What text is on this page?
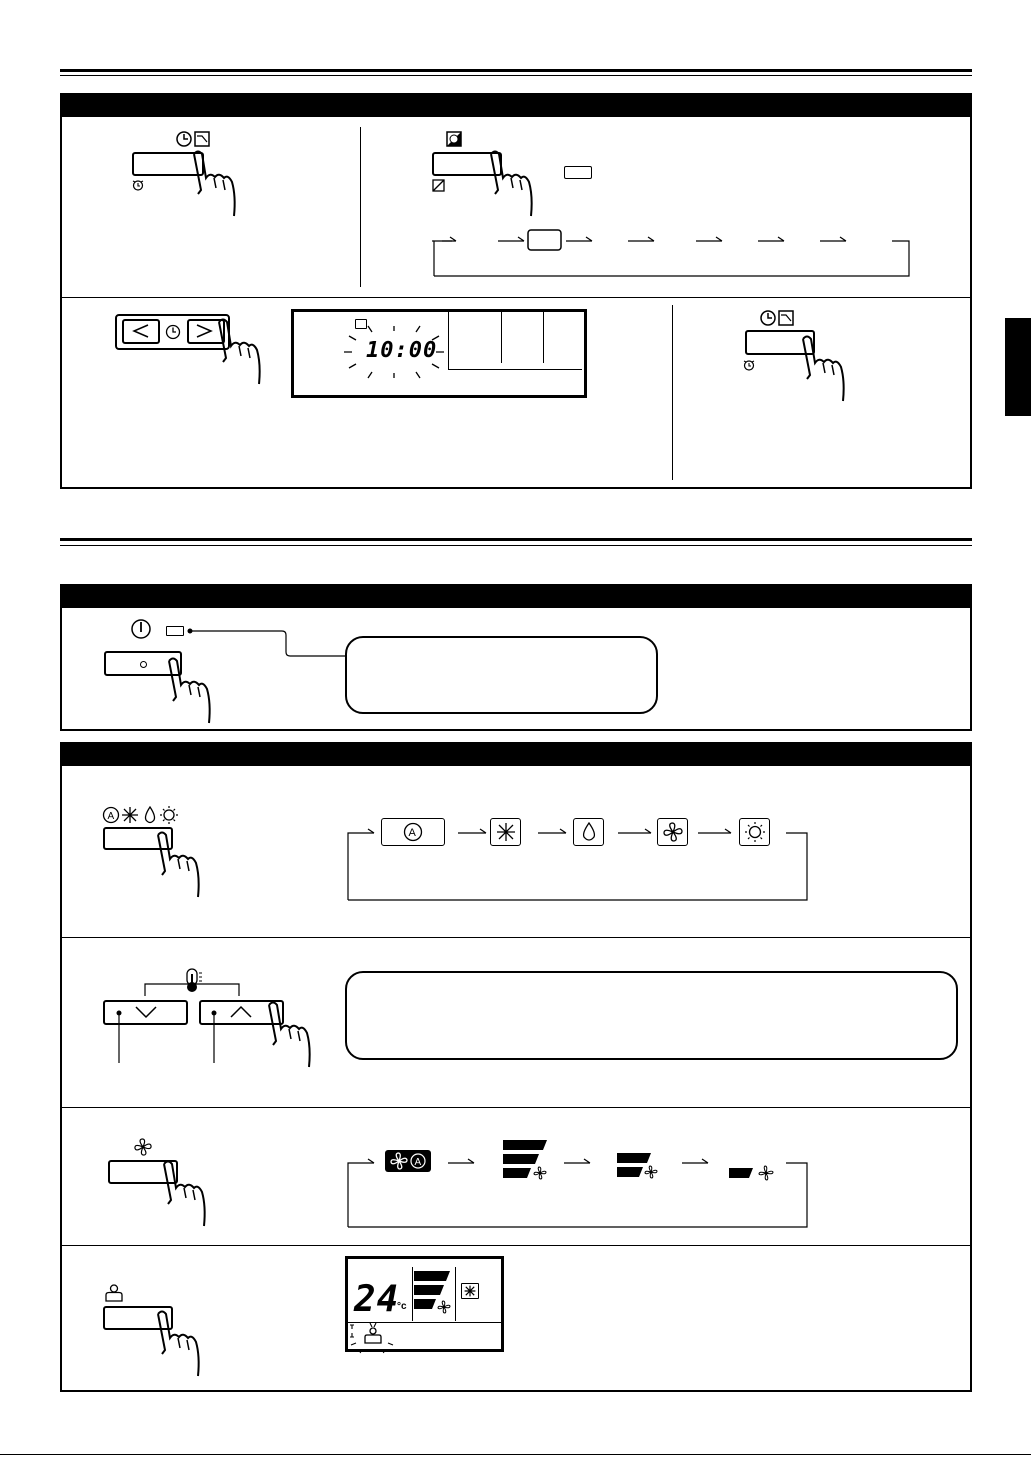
10:00
A
A
A
24
°c
